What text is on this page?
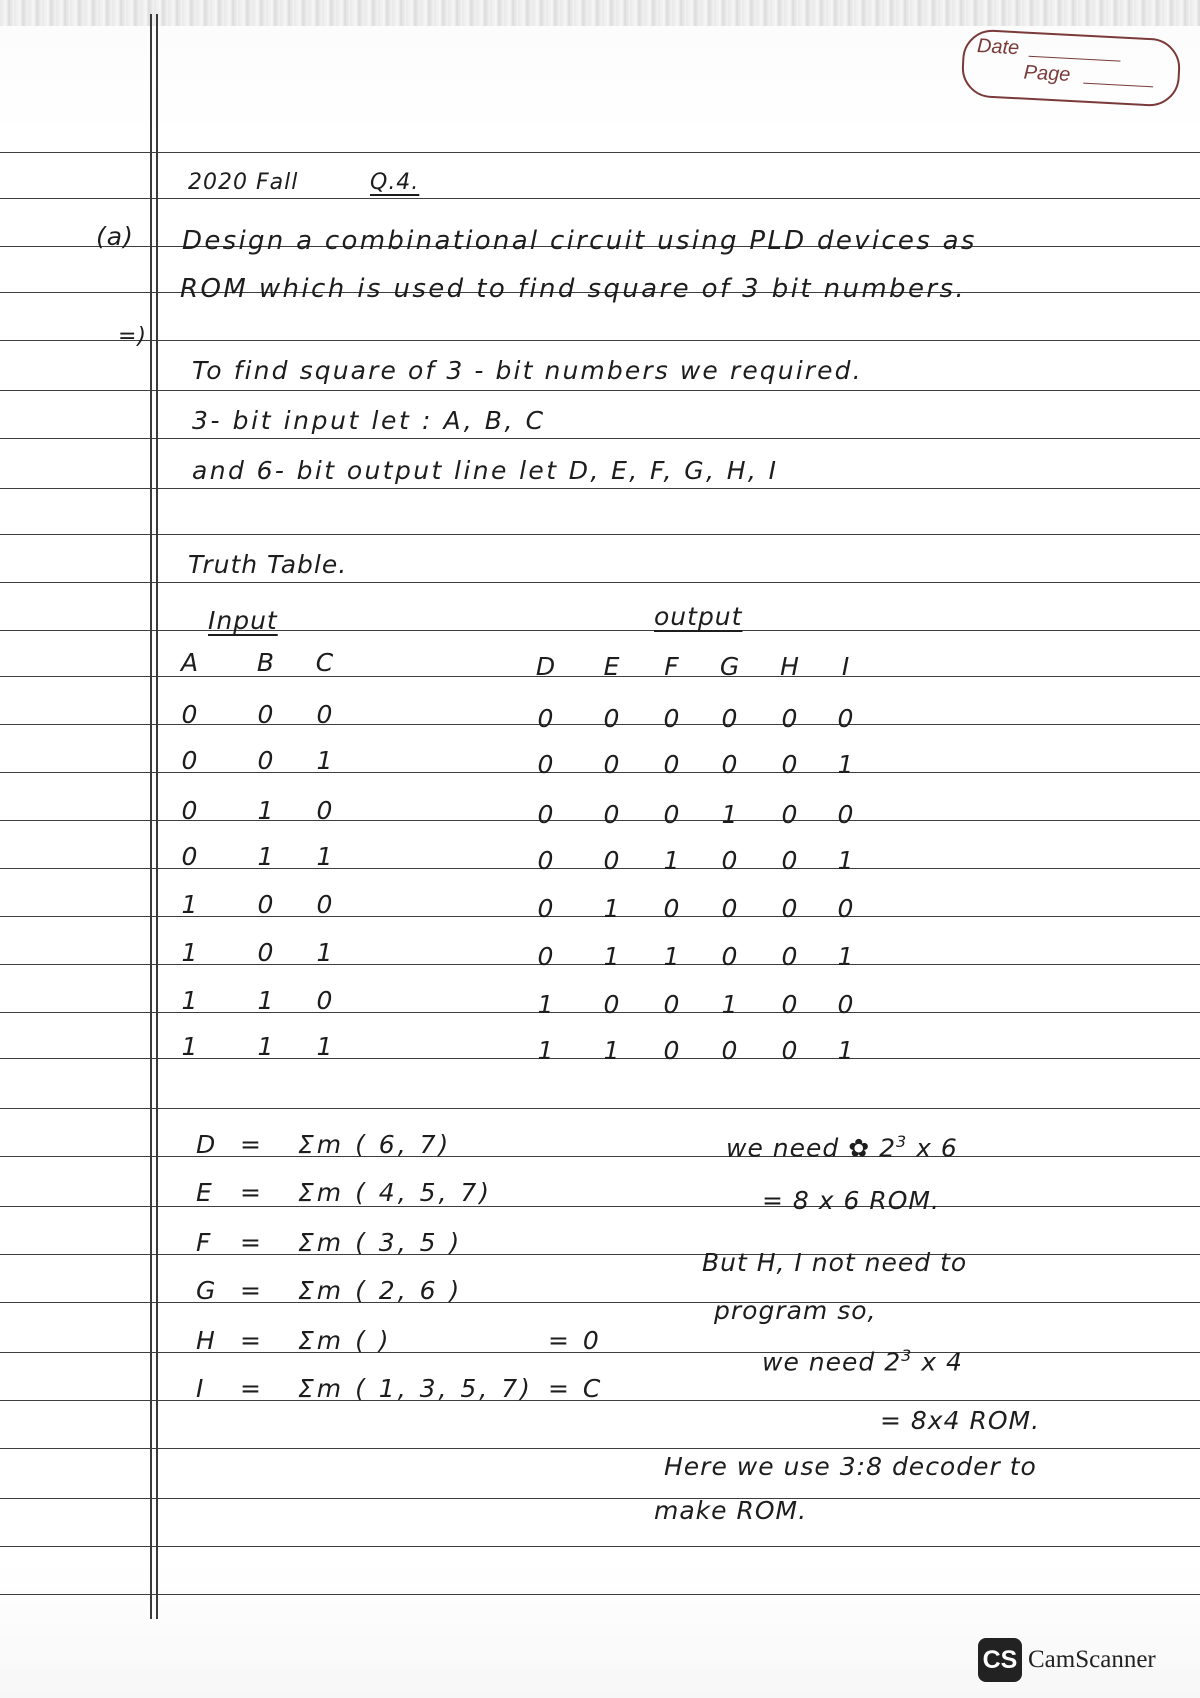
Date
Page
2020 Fall	Q.4.
(a) Design a combinational circuit using PLD devices as
ROM which is used to find square of 3 bit numbers.
=)
To find square of 3 - bit numbers we required.
3- bit input let : A, B, C
and 6- bit output line let D, E, F, G, H, I
Truth Table.
Input	output
A	B	C	D	E	F	G	H	I
0	0	0	0	0	0	0	0	0
0	0	1	0	0	0	0	0	1
0	1	0	0	0	0	1	0	0
0	1	1	0	0	1	0	0	1
1	0	0	0	1	0	0	0	0
1	0	1	0	1	1	0	0	1
1	1	0	1	0	0	1	0	0
1	1	1	1	1	0	0	0	1
D = Σm ( 6, 7)
E = Σm ( 4, 5, 7)
F = Σm ( 3, 5 )
G = Σm ( 2, 6 )
H = Σm ( )	= 0
I = Σm ( 1, 3, 5, 7) = C
we need ✿ $2^3$ x 6
= 8 x 6 ROM.
But H, I not need to
program so,
we need $2^3$ x 4
= 8x4 ROM.
Here we use 3:8 decoder to
make ROM.
CS CamScanner
